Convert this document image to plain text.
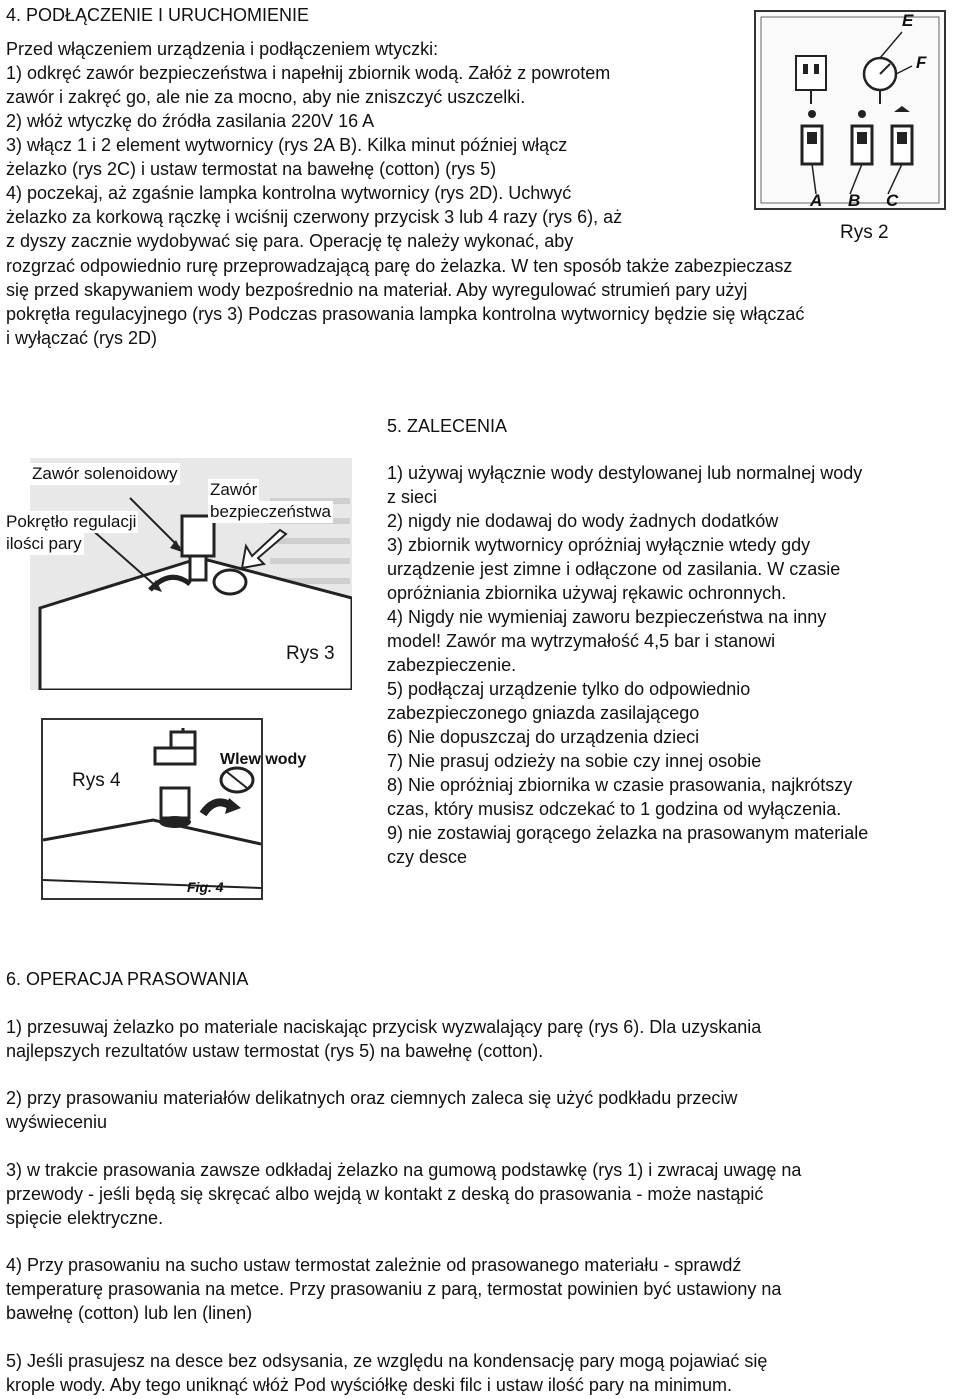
4. PODŁĄCZENIE I URUCHOMIENIE
Przed włączeniem urządzenia i podłączeniem wtyczki:
1) odkręć zawór bezpieczeństwa i napełnij zbiornik wodą. Załóż z powrotem
zawór i zakręć go, ale nie za mocno, aby nie zniszczyć uszczelki.
2) włóż wtyczkę do źródła zasilania 220V 16 A
3) włącz 1 i 2 element wytwornicy (rys 2A B). Kilka minut później włącz
żelazko (rys 2C) i ustaw termostat na bawełnę (cotton) (rys 5)
4) poczekaj, aż zgaśnie lampka kontrolna wytwornicy (rys 2D). Uchwyć
żelazko za korkową rączkę i wciśnij czerwony przycisk 3 lub 4 razy (rys 6), aż
z dyszy zacznie wydobywać się para. Operację tę należy wykonać, aby
rozgrzać odpowiednio rurę przeprowadzającą parę do żelazka. W ten sposób także zabezpieczasz
się przed skapywaniem wody bezpośrednio na materiał. Aby wyregulować strumień pary użyj
pokrętła regulacyjnego (rys 3) Podczas prasowania lampka kontrolna wytwornicy będzie się włączać
i wyłączać (rys 2D)
E
F
A B C
Rys 2
Zawór solenoidowy
Pokrętło regulacji
ilości pary
Zawór
bezpieczeństwa
Rys 3
Fig. 4
Rys 4
Wlew wody
5. ZALECENIA
1) używaj wyłącznie wody destylowanej lub normalnej wody
z sieci
2) nigdy nie dodawaj do wody żadnych dodatków
3) zbiornik wytwornicy opróżniaj wyłącznie wtedy gdy
urządzenie jest zimne i odłączone od zasilania. W czasie
opróżniania zbiornika używaj rękawic ochronnych.
4) Nigdy nie wymieniaj zaworu bezpieczeństwa na inny
model! Zawór ma wytrzymałość 4,5 bar i stanowi
zabezpieczenie.
5) podłączaj urządzenie tylko do odpowiednio
zabezpieczonego gniazda zasilającego
6) Nie dopuszczaj do urządzenia dzieci
7) Nie prasuj odzieży na sobie czy innej osobie
8) Nie opróżniaj zbiornika w czasie prasowania, najkrótszy
czas, który musisz odczekać to 1 godzina od wyłączenia.
9) nie zostawiaj gorącego żelazka na prasowanym materiale
czy desce
6. OPERACJA PRASOWANIA
1) przesuwaj żelazko po materiale naciskając przycisk wyzwalający parę (rys 6). Dla uzyskania
najlepszych rezultatów ustaw termostat (rys 5) na bawełnę (cotton).
2) przy prasowaniu materiałów delikatnych oraz ciemnych zaleca się użyć podkładu przeciw
wyświeceniu
3) w trakcie prasowania zawsze odkładaj żelazko na gumową podstawkę (rys 1) i zwracaj uwagę na
przewody - jeśli będą się skręcać albo wejdą w kontakt z deską do prasowania - może nastąpić
spięcie elektryczne.
4) Przy prasowaniu na sucho ustaw termostat zależnie od prasowanego materiału - sprawdź
temperaturę prasowania na metce. Przy prasowaniu z parą, termostat powinien być ustawiony na
bawełnę (cotton) lub len (linen)
5) Jeśli prasujesz na desce bez odsysania, ze względu na kondensację pary mogą pojawiać się
krople wody. Aby tego uniknąć włóż Pod wyściółkę deski filc i ustaw ilość pary na minimum.
